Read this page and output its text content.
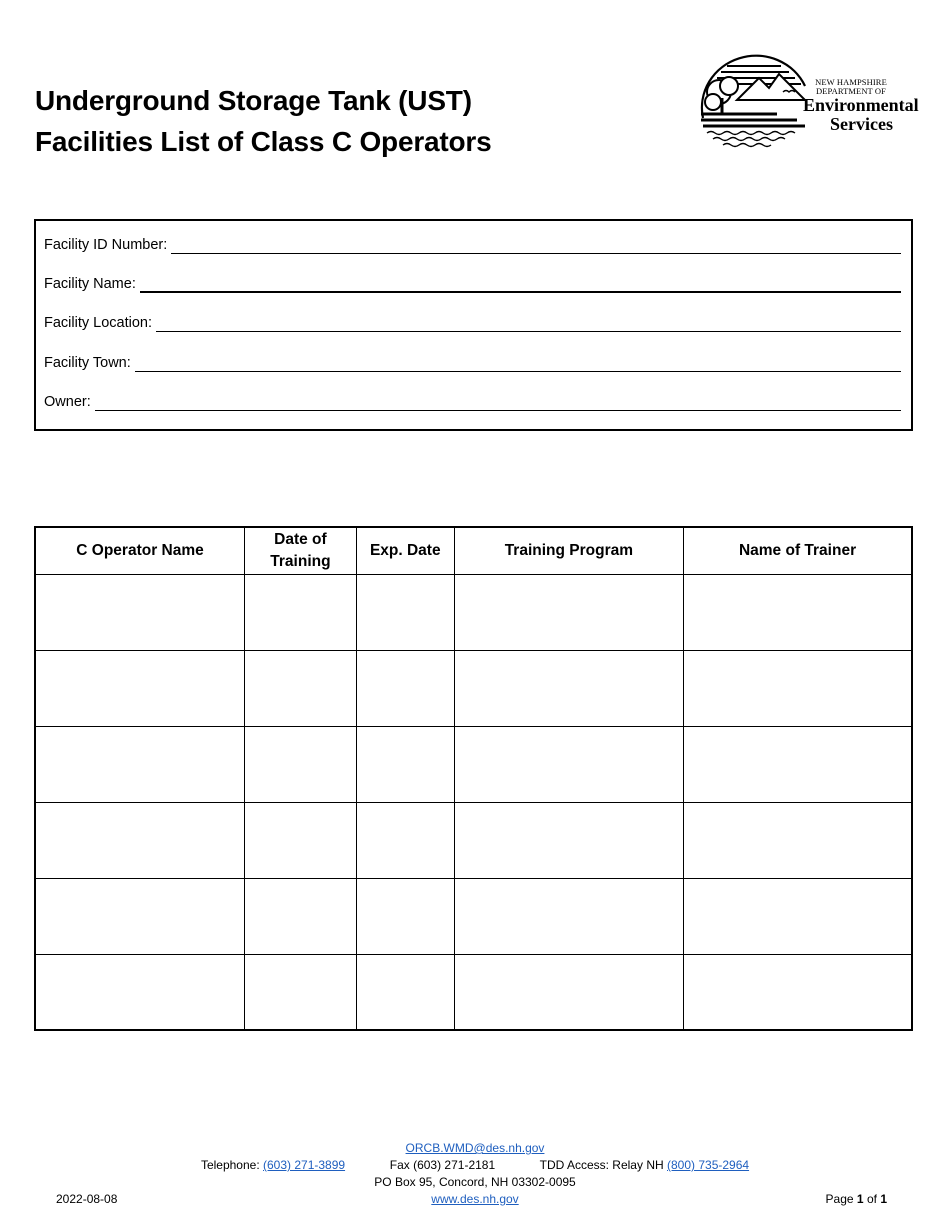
Underground Storage Tank (UST)
Facilities List of Class C Operators
NEW HAMPSHIRE
DEPARTMENT OF
Environmental
Services
Facility ID Number:
Facility Name:
Facility Location:
Facility Town:
Owner:
C Operator Name	Date of Training	Exp. Date	Training Program	Name of Trainer

ORCB.WMD@des.nh.gov
Telephone: (603) 271-3899	Fax (603) 271-2181	TDD Access: Relay NH (800) 735-2964
PO Box 95, Concord, NH 03302-0095
www.des.nh.gov
2022-08-08	Page 1 of 1
